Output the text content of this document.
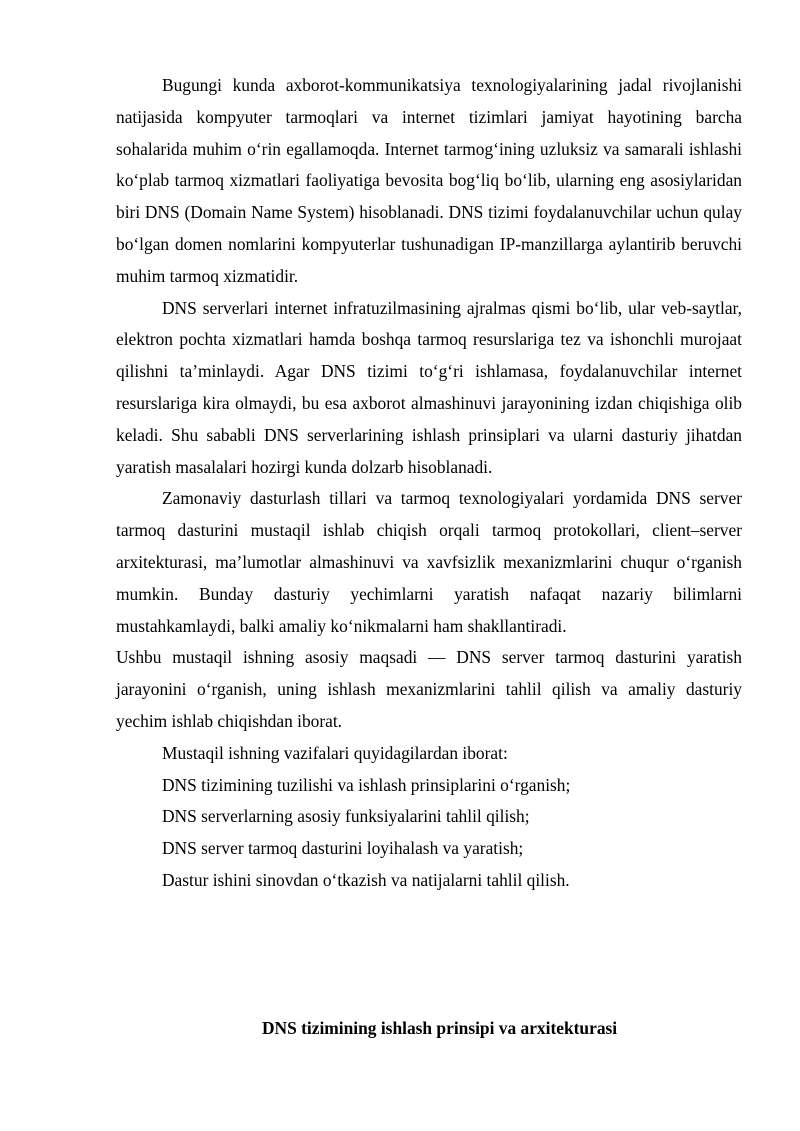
Bugungi kunda axborot-kommunikatsiya texnologiyalarining jadal rivojlanishi natijasida kompyuter tarmoqlari va internet tizimlari jamiyat hayotining barcha sohalarida muhim o‘rin egallamoqda. Internet tarmog‘ining uzluksiz va samarali ishlashi ko‘plab tarmoq xizmatlari faoliyatiga bevosita bog‘liq bo‘lib, ularning eng asosiylaridan biri DNS (Domain Name System) hisoblanadi. DNS tizimi foydalanuvchilar uchun qulay bo‘lgan domen nomlarini kompyuterlar tushunadigan IP-manzillarga aylantirib beruvchi muhim tarmoq xizmatidir.

DNS serverlari internet infratuzilmasining ajralmas qismi bo‘lib, ular veb-saytlar, elektron pochta xizmatlari hamda boshqa tarmoq resurslariga tez va ishonchli murojaat qilishni ta’minlaydi. Agar DNS tizimi to‘g‘ri ishlamasa, foydalanuvchilar internet resurslariga kira olmaydi, bu esa axborot almashinuvi jarayonining izdan chiqishiga olib keladi. Shu sababli DNS serverlarining ishlash prinsiplari va ularni dasturiy jihatdan yaratish masalalari hozirgi kunda dolzarb hisoblanadi.

Zamonaviy dasturlash tillari va tarmoq texnologiyalari yordamida DNS server tarmoq dasturini mustaqil ishlab chiqish orqali tarmoq protokollari, client–server arxitekturasi, ma’lumotlar almashinuvi va xavfsizlik mexanizmlarini chuqur o‘rganish mumkin. Bunday dasturiy yechimlarni yaratish nafaqat nazariy bilimlarni mustahkamlaydi, balki amaliy ko‘nikmalarni ham shakllantiradi.

Ushbu mustaqil ishning asosiy maqsadi — DNS server tarmoq dasturini yaratish jarayonini o‘rganish, uning ishlash mexanizmlarini tahlil qilish va amaliy dasturiy yechim ishlab chiqishdan iborat.

Mustaqil ishning vazifalari quyidagilardan iborat:
DNS tizimining tuzilishi va ishlash prinsiplarini o‘rganish;
DNS serverlarning asosiy funksiyalarini tahlil qilish;
DNS server tarmoq dasturini loyihalash va yaratish;
Dastur ishini sinovdan o‘tkazish va natijalarni tahlil qilish.
DNS tizimining ishlash prinsipi va arxitekturasi
